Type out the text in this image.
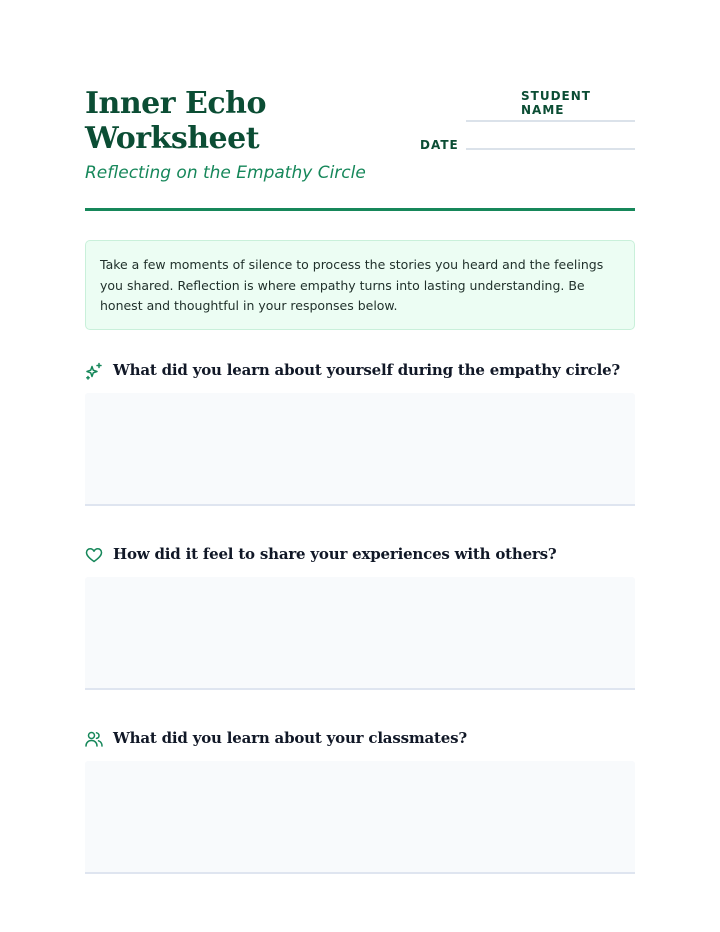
Inner Echo
Worksheet
Reflecting on the Empathy Circle
STUDENT NAME
DATE
Take a few moments of silence to process the stories you heard and the feelings you shared. Reflection is where empathy turns into lasting understanding. Be honest and thoughtful in your responses below.
What did you learn about yourself during the empathy circle?
How did it feel to share your experiences with others?
What did you learn about your classmates?
